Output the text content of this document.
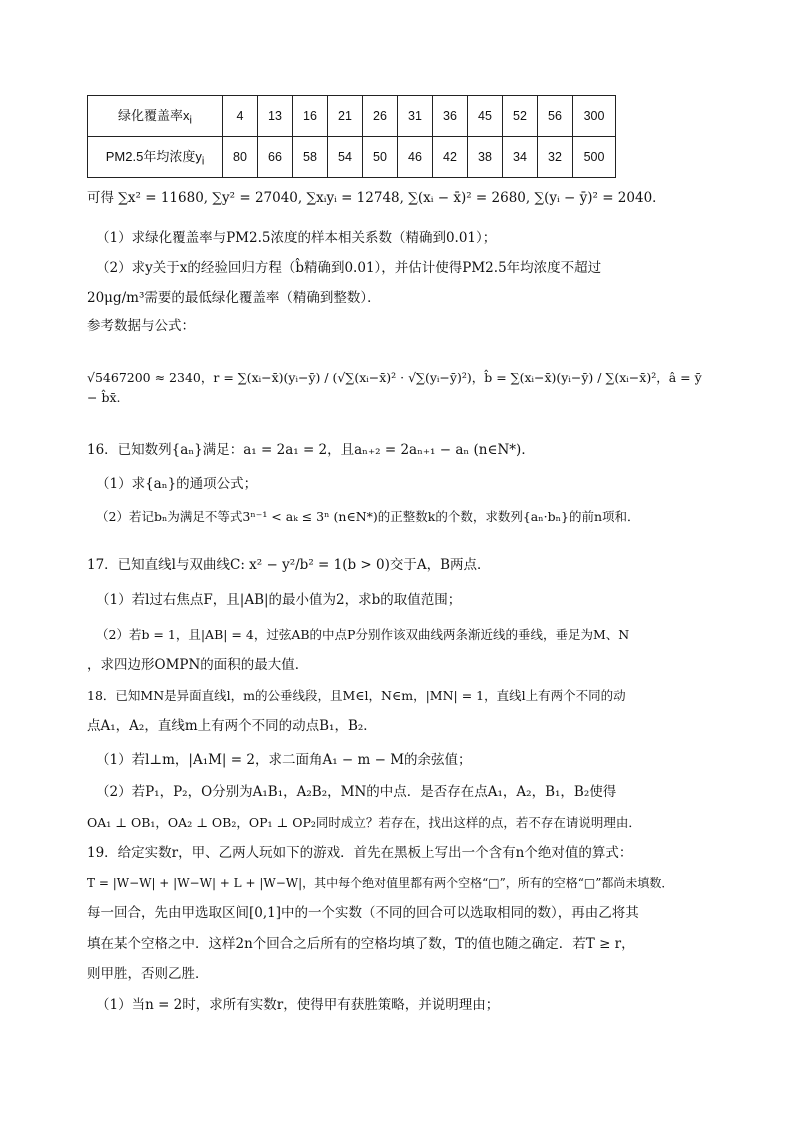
绿化覆盖率$x_i$	4	13	16	21	26	31	36	45	52	56	300
PM2.5年均浓度$y_i$	80	66	58	54	50	46	42	38	34	32	500
可得 ∑x² = 11680, ∑y² = 27040, ∑xᵢyᵢ = 12748, ∑(xᵢ − x̄)² = 2680, ∑(yᵢ − ȳ)² = 2040．
（1）求绿化覆盖率与PM2.5浓度的样本相关系数（精确到0.01）；
（2）求y关于x的经验回归方程（b̂精确到0.01），并估计使得PM2.5年均浓度不超过
20μg/m³需要的最低绿化覆盖率（精确到整数）．
参考数据与公式：
√5467200 ≈ 2340，r = ∑(xᵢ−x̄)(yᵢ−ȳ) / (√∑(xᵢ−x̄)² · √∑(yᵢ−ȳ)²)，b̂ = ∑(xᵢ−x̄)(yᵢ−ȳ) / ∑(xᵢ−x̄)²，â = ȳ − b̂x̄.
16．已知数列{aₙ}满足：a₁ = 2a₁ = 2，且aₙ₊₂ = 2aₙ₊₁ − aₙ (n∈N*)．
（1）求{aₙ}的通项公式；
（2）若记bₙ为满足不等式3ⁿ⁻¹ < aₖ ≤ 3ⁿ (n∈N*)的正整数k的个数，求数列{aₙ·bₙ}的前n项和．
17．已知直线l与双曲线C: x² − y²/b² = 1(b > 0)交于A，B两点．
（1）若l过右焦点F，且|AB|的最小值为2，求b的取值范围；
（2）若b = 1，且|AB| = 4，过弦AB的中点P分别作该双曲线两条渐近线的垂线，垂足为M、N
，求四边形OMPN的面积的最大值．
18．已知MN是异面直线l，m的公垂线段，且M∈l，N∈m，|MN| = 1，直线l上有两个不同的动
点A₁，A₂，直线m上有两个不同的动点B₁，B₂．
（1）若l⊥m，|A₁M| = 2，求二面角A₁ − m − M的余弦值；
（2）若P₁，P₂，O分别为A₁B₁，A₂B₂，MN的中点．是否存在点A₁，A₂，B₁，B₂使得
OA₁ ⊥ OB₁，OA₂ ⊥ OB₂，OP₁ ⊥ OP₂同时成立？若存在，找出这样的点，若不存在请说明理由．
19．给定实数r，甲、乙两人玩如下的游戏．首先在黑板上写出一个含有n个绝对值的算式：
T = |W−W| + |W−W| + L + |W−W|，其中每个绝对值里都有两个空格“□”，所有的空格“□”都尚未填数．
每一回合，先由甲选取区间[0,1]中的一个实数（不同的回合可以选取相同的数），再由乙将其
填在某个空格之中．这样2n个回合之后所有的空格均填了数，T的值也随之确定．若T ≥ r，
则甲胜，否则乙胜．
（1）当n = 2时，求所有实数r，使得甲有获胜策略，并说明理由；
